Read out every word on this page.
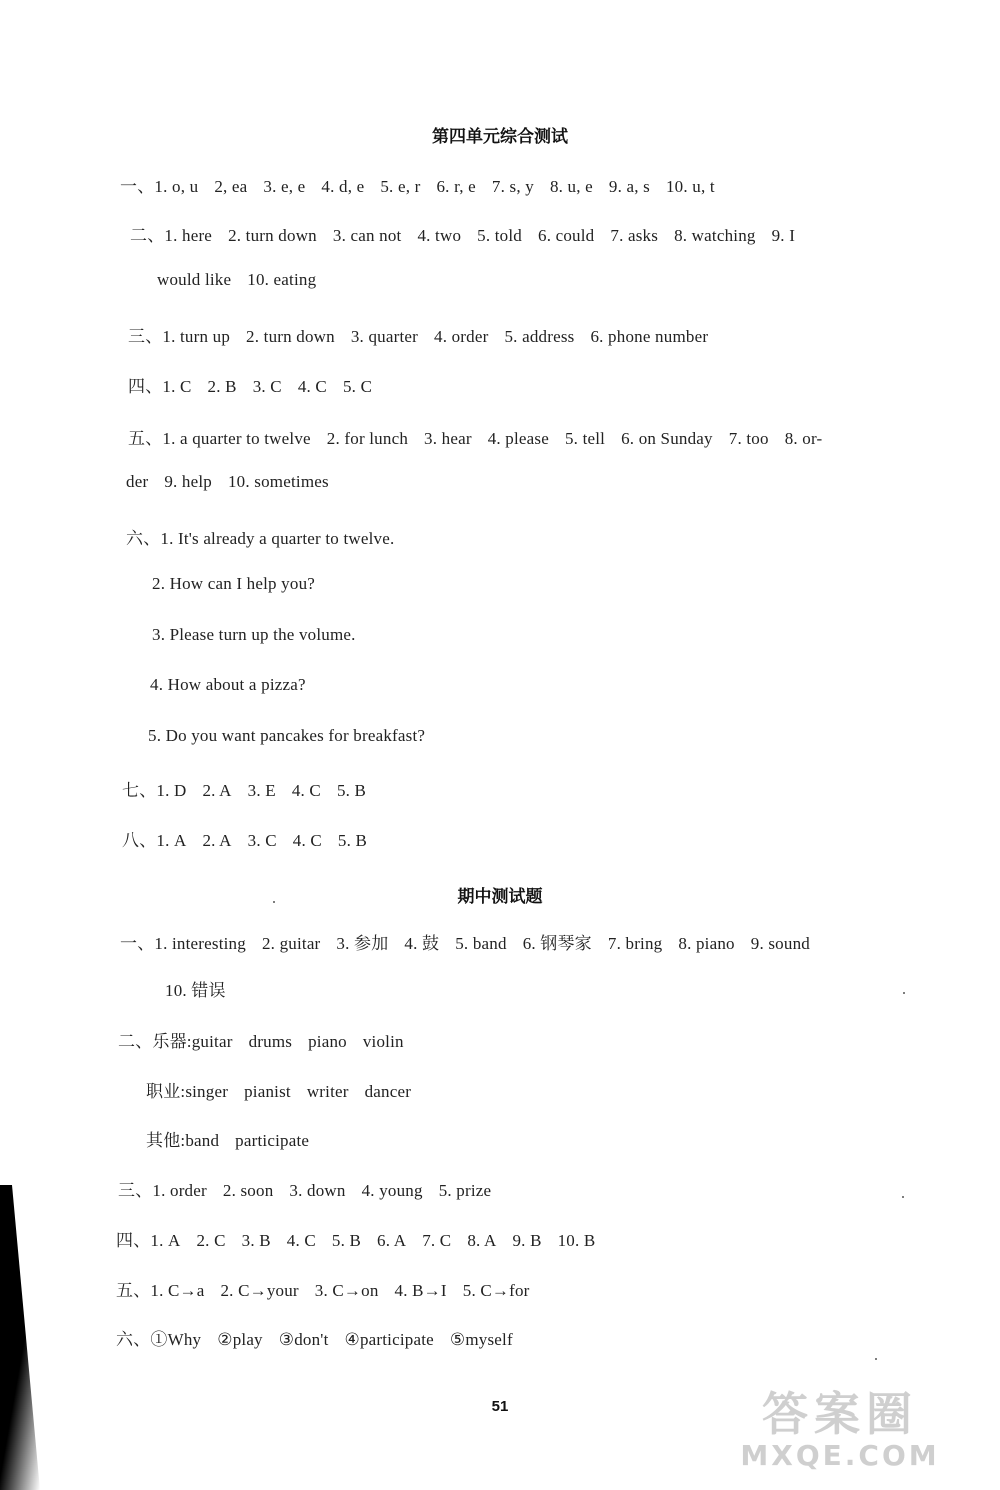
第四单元综合测试
一、1. o, u 2, ea 3. e, e 4. d, e 5. e, r 6. r, e 7. s, y 8. u, e 9. a, s 10. u, t
二、1. here 2. turn down 3. can not 4. two 5. told 6. could 7. asks 8. watching 9. I
would like 10. eating
三、1. turn up 2. turn down 3. quarter 4. order 5. address 6. phone number
四、1. C 2. B 3. C 4. C 5. C
五、1. a quarter to twelve 2. for lunch 3. hear 4. please 5. tell 6. on Sunday 7. too 8. or-
der 9. help 10. sometimes
六、1. It's already a quarter to twelve.
2. How can I help you?
3. Please turn up the volume.
4. How about a pizza?
5. Do you want pancakes for breakfast?
七、1. D 2. A 3. E 4. C 5. B
八、1. A 2. A 3. C 4. C 5. B
期中测试题
一、1. interesting 2. guitar 3. 参加 4. 鼓 5. band 6. 钢琴家 7. bring 8. piano 9. sound
10. 错误
二、乐器:guitar drums piano violin
职业:singer pianist writer dancer
其他:band participate
三、1. order 2. soon 3. down 4. young 5. prize
四、1. A 2. C 3. B 4. C 5. B 6. A 7. C 8. A 9. B 10. B
五、1. C→a 2. C→your 3. C→on 4. B→I 5. C→for
六、①Why ②play ③don't ④participate ⑤myself
51	答案圈
MXQE.COM
